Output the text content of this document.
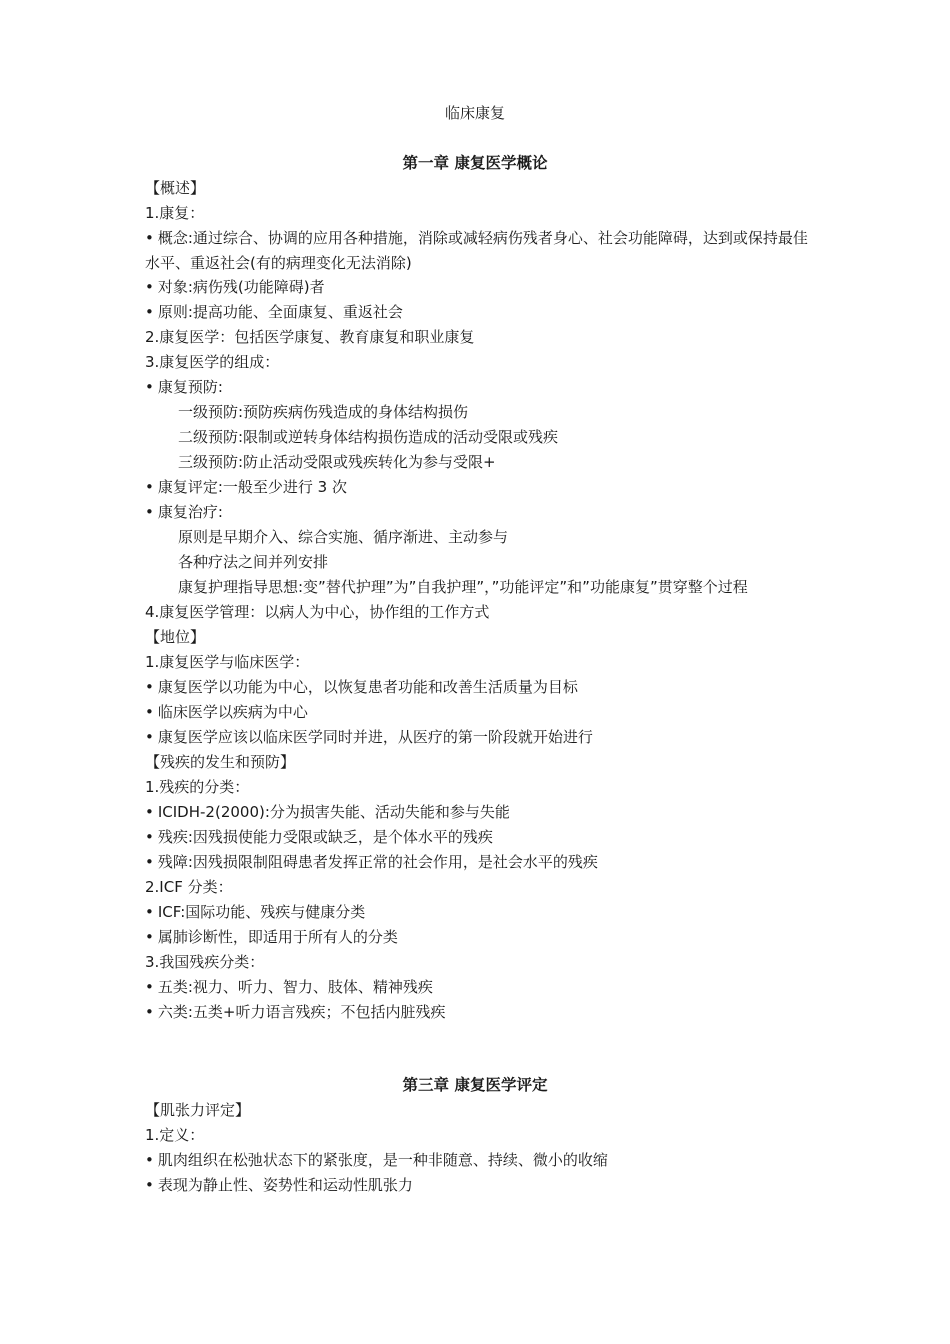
临床康复
第一章 康复医学概论
【概述】
1.康复：
• 概念:通过综合、协调的应用各种措施，消除或减轻病伤残者身心、社会功能障碍，达到或保持最佳水平、重返社会(有的病理变化无法消除)
• 对象:病伤残(功能障碍)者
• 原则:提高功能、全面康复、重返社会
2.康复医学：包括医学康复、教育康复和职业康复
3.康复医学的组成：
• 康复预防:
一级预防:预防疾病伤残造成的身体结构损伤
二级预防:限制或逆转身体结构损伤造成的活动受限或残疾
三级预防:防止活动受限或残疾转化为参与受限+
• 康复评定:一般至少进行 3 次
• 康复治疗:
原则是早期介入、综合实施、循序渐进、主动参与
各种疗法之间并列安排
康复护理指导思想:变”替代护理”为”自我护理”，”功能评定”和”功能康复”贯穿整个过程
4.康复医学管理：以病人为中心，协作组的工作方式
【地位】
1.康复医学与临床医学：
• 康复医学以功能为中心，以恢复患者功能和改善生活质量为目标
• 临床医学以疾病为中心
• 康复医学应该以临床医学同时并进，从医疗的第一阶段就开始进行
【残疾的发生和预防】
1.残疾的分类：
• ICIDH-2(2000):分为损害失能、活动失能和参与失能
• 残疾:因残损使能力受限或缺乏，是个体水平的残疾
• 残障:因残损限制阻碍患者发挥正常的社会作用，是社会水平的残疾
2.ICF 分类：
• ICF:国际功能、残疾与健康分类
• 属肺诊断性，即适用于所有人的分类
3.我国残疾分类：
• 五类:视力、听力、智力、肢体、精神残疾
• 六类:五类+听力语言残疾；不包括内脏残疾
第三章 康复医学评定
【肌张力评定】
1.定义：
• 肌肉组织在松弛状态下的紧张度，是一种非随意、持续、微小的收缩
• 表现为静止性、姿势性和运动性肌张力
